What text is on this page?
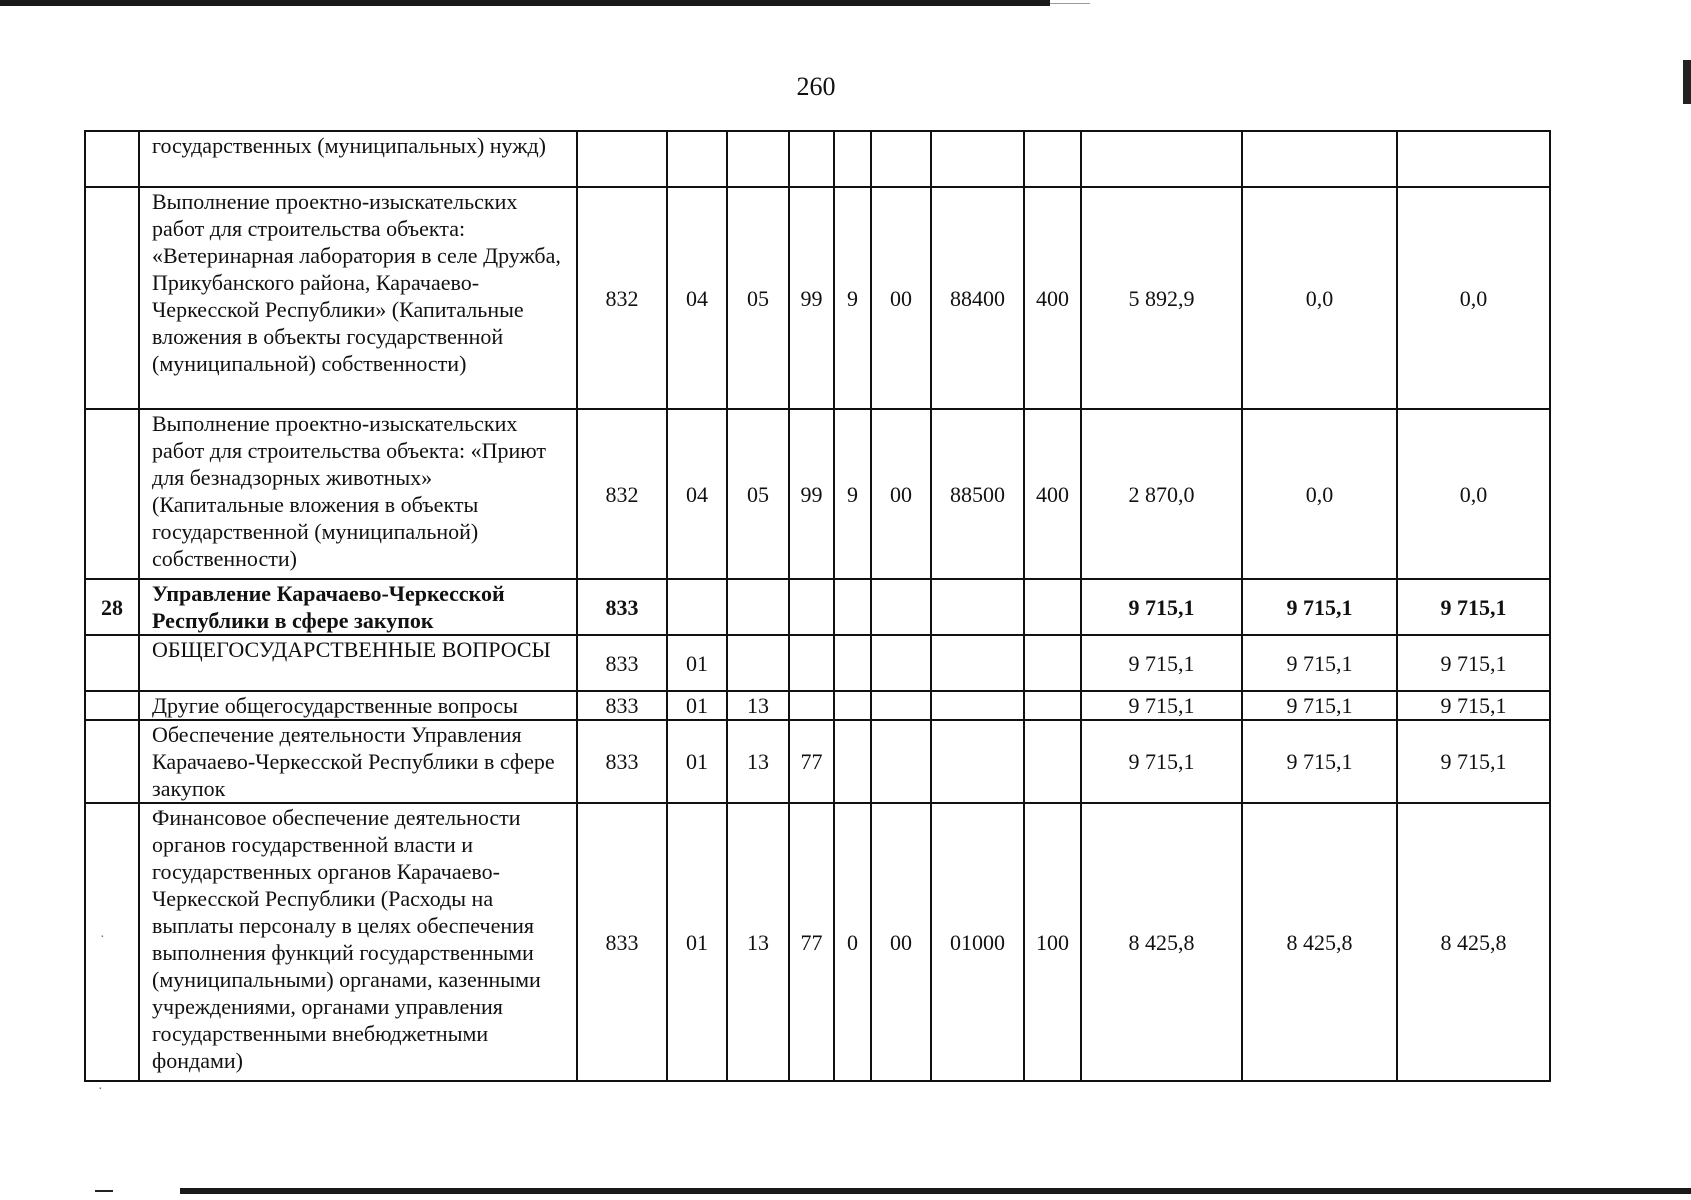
260
	государственных (муниципальных) нужд)											
	Выполнение проектно-изыскательских работ для строительства объекта: «Ветеринарная лаборатория в селе Дружба, Прикубанского района, Карачаево-Черкесской Республики» (Капитальные вложения в объекты государственной (муниципальной) собственности)	832	04	05	99	9	00	88400	400	5 892,9	0,0	0,0
	Выполнение проектно-изыскательских работ для строительства объекта: «Приют для безнадзорных животных» (Капитальные вложения в объекты государственной (муниципальной) собственности)	832	04	05	99	9	00	88500	400	2 870,0	0,0	0,0
28	Управление Карачаево-Черкесской Республики в сфере закупок	833								9 715,1	9 715,1	9 715,1
	ОБЩЕГОСУДАРСТВЕННЫЕ ВОПРОСЫ	833	01							9 715,1	9 715,1	9 715,1
	Другие общегосударственные вопросы	833	01	13						9 715,1	9 715,1	9 715,1
	Обеспечение деятельности Управления Карачаево-Черкесской Республики в сфере закупок	833	01	13	77					9 715,1	9 715,1	9 715,1
	Финансовое обеспечение деятельности органов государственной власти и государственных органов Карачаево-Черкесской Республики (Расходы на выплаты персоналу в целях обеспечения выполнения функций государственными (муниципальными) органами, казенными учреждениями, органами управления государственными внебюджетными фондами)	833	01	13	77	0	00	01000	100	8 425,8	8 425,8	8 425,8
·
·
